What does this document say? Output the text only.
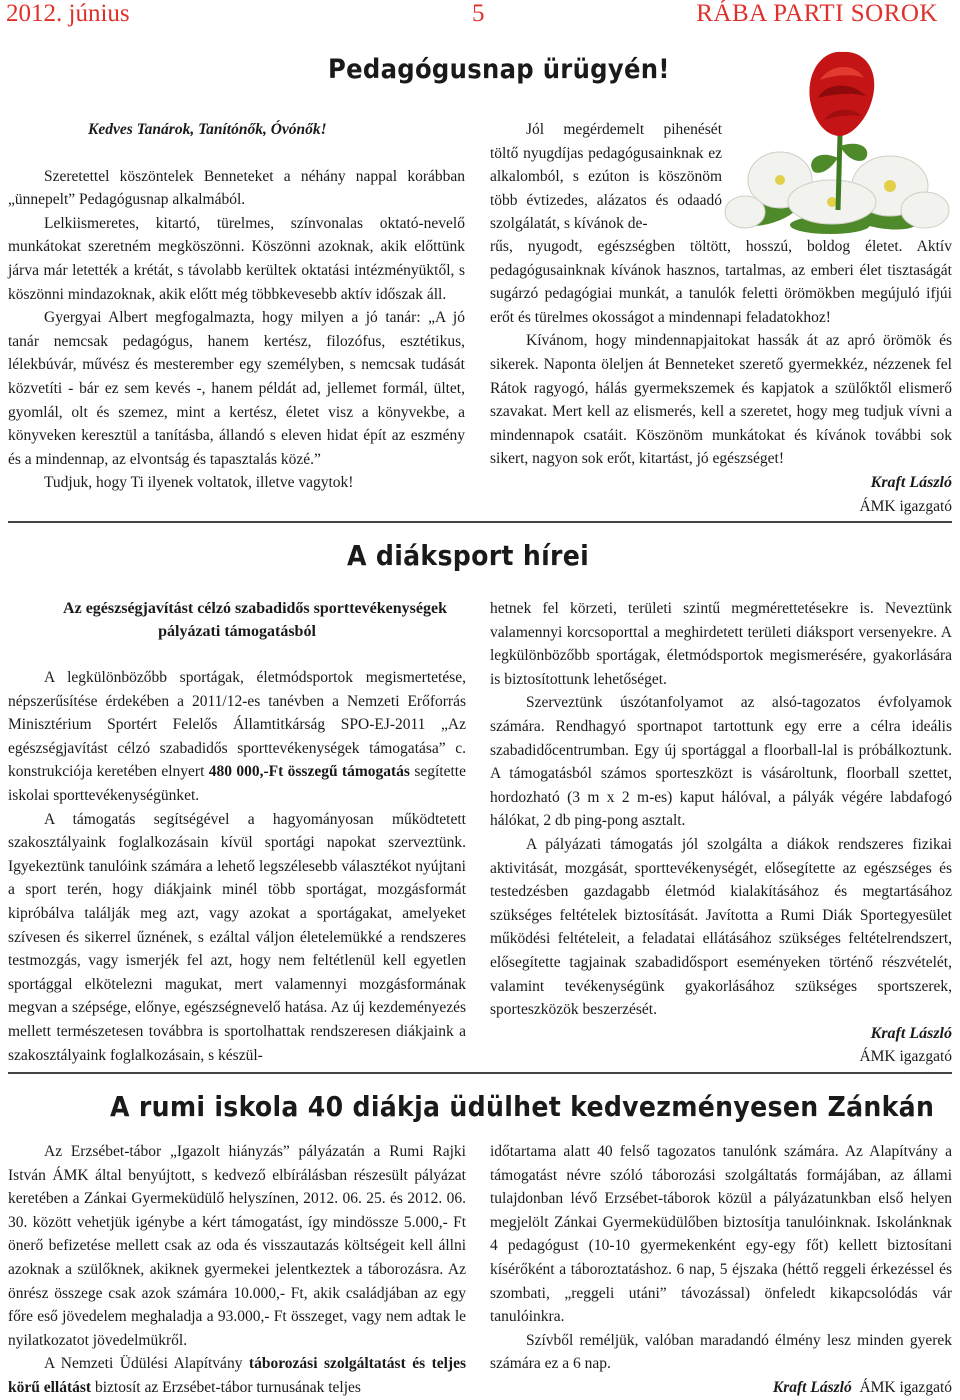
2012. június	5	RÁBA PARTI SOROK
Pedagógusnap ürügyén!

Kedves Tanárok, Tanítónők, Óvónők!

Szeretettel köszöntelek Benneteket a néhány nappal korábban „ünnepelt” Pedagógusnap alkalmából.

Lelkiismeretes, kitartó, türelmes, színvonalas oktató-nevelő munkátokat szeretném megköszönni. Köszönni azoknak, akik előttünk járva már letették a krétát, s távolabb kerültek oktatási intézményüktől, s köszönni mindazoknak, akik előtt még többkevesebb aktív időszak áll.

Gyergyai Albert megfogalmazta, hogy milyen a jó tanár: „A jó tanár nemcsak pedagógus, hanem kertész, filozófus, esztétikus, lélekbúvár, művész és mesterember egy személyben, s nemcsak tudását közvetíti - bár ez sem kevés -, hanem példát ad, jellemet formál, ültet, gyomlál, olt és szemez, mint a kertész, életet visz a könyvekbe, a könyveken keresztül a tanításba, állandó s eleven hidat épít az eszmény és a mindennap, az elvontság és tapasztalás közé.”

Tudjuk, hogy Ti ilyenek voltatok, illetve vagytok!

Jól megérdemelt pihenését töltő nyugdíjas pedagógusainknak ez alkalomból, s ezúton is köszönöm több évtizedes, alázatos és odaadó szolgálatát, s kívánok de-

rűs, nyugodt, egészségben töltött, hosszú, boldog életet. Aktív pedagógusainknak kívánok hasznos, tartalmas, az emberi élet tisztaságát sugárzó pedagógiai munkát, a tanulók feletti örömökben megújuló ifjúi erőt és türelmes okosságot a mindennapi feladatokhoz!

Kívánom, hogy mindennapjaitokat hassák át az apró örömök és sikerek. Naponta öleljen át Benneteket szerető gyermekkéz, nézzenek fel Rátok ragyogó, hálás gyermekszemek és kapjatok a szülőktől elismerő szavakat. Mert kell az elismerés, kell a szeretet, hogy meg tudjuk vívni a mindennapok csatáit. Köszönöm munkátokat és kívánok további sok sikert, nagyon sok erőt, kitartást, jó egészséget!

Kraft László

ÁMK igazgató

A diáksport hírei

Az egészségjavítást célzó szabadidős sporttevékenységek pályázati támogatásból

A legkülönbözőbb sportágak, életmódsportok megismertetése, népszerűsítése érdekében a 2011/12-es tanévben a Nemzeti Erőforrás Minisztérium Sportért Felelős Államtitkárság SPO-EJ-2011 „Az egészségjavítást célzó szabadidős sporttevékenységek támogatása” c. konstrukciója keretében elnyert 480 000,-Ft összegű támogatás segítette iskolai sporttevékenységünket.

A támogatás segítségével a hagyományosan működtetett szakosztályaink foglalkozásain kívül sportági napokat szerveztünk. Igyekeztünk tanulóink számára a lehető legszélesebb választékot nyújtani a sport terén, hogy diákjaink minél több sportágat, mozgásformát kipróbálva találják meg azt, vagy azokat a sportágakat, amelyeket szívesen és sikerrel űznének, s ezáltal váljon életelemükké a rendszeres testmozgás, vagy ismerjék fel azt, hogy nem feltétlenül kell egyetlen sportággal elkötelezni magukat, mert valamennyi mozgásformának megvan a szépsége, előnye, egészségnevelő hatása. Az új kezdeményezés mellett természetesen továbbra is sportolhattak rendszeresen diákjaink a szakosztályaink foglalkozásain, s készül-

hetnek fel körzeti, területi szintű megmérettetésekre is. Neveztünk valamennyi korcsoporttal a meghirdetett területi diáksport versenyekre. A legkülönbözőbb sportágak, életmódsportok megismerésére, gyakorlására is biztosítottunk lehetőséget.

Szerveztünk úszótanfolyamot az alsó-tagozatos évfolyamok számára. Rendhagyó sportnapot tartottunk egy erre a célra ideális szabadidőcentrumban. Egy új sportággal a floorball-lal is próbálkoztunk. A támogatásból számos sporteszközt is vásároltunk, floorball szettet, hordozható (3 m x 2 m-es) kaput hálóval, a pályák végére labdafogó hálókat, 2 db ping-pong asztalt.

A pályázati támogatás jól szolgálta a diákok rendszeres fizikai aktivitását, mozgását, sporttevékenységét, elősegítette az egészséges és testedzésben gazdagabb életmód kialakításához és megtartásához szükséges feltételek biztosítását. Javította a Rumi Diák Sportegyesület működési feltételeit, a feladatai ellátásához szükséges feltételrendszert, elősegítette tagjainak szabadidősport eseményeken történő részvételét, valamint tevékenységünk gyakorlásához szükséges sportszerek, sporteszközök beszerzését.

Kraft László

ÁMK igazgató

A rumi iskola 40 diákja üdülhet kedvezményesen Zánkán

Az Erzsébet-tábor „Igazolt hiányzás” pályázatán a Rumi Rajki István ÁMK által benyújtott, s kedvező elbírálásban részesült pályázat keretében a Zánkai Gyermeküdülő helyszínen, 2012. 06. 25. és 2012. 06. 30. között vehetjük igénybe a kért támogatást, így mindössze 5.000,- Ft önerő befizetése mellett csak az oda és visszautazás költségeit kell állni azoknak a szülőknek, akiknek gyermekei jelentkeztek a táborozásra. Az önrész összege csak azok számára 10.000,- Ft, akik családjában az egy főre eső jövedelem meghaladja a 93.000,- Ft összeget, vagy nem adtak le nyilatkozatot jövedelmükről.

A Nemzeti Üdülési Alapítvány táborozási szolgáltatást és teljes körű ellátást biztosít az Erzsébet-tábor turnusának teljes

időtartama alatt 40 felső tagozatos tanulónk számára. Az Alapítvány a támogatást névre szóló táborozási szolgáltatás formájában, az állami tulajdonban lévő Erzsébet-táborok közül a pályázatunkban első helyen megjelölt Zánkai Gyermeküdülőben biztosítja tanulóinknak. Iskolánknak 4 pedagógust (10-10 gyermekenként egy-egy főt) kellett biztosítani kísérőként a táboroztatáshoz. 6 nap, 5 éjszaka (héttő reggeli érkezéssel és szombati, „reggeli utáni” távozással) önfeledt kikapcsolódás vár tanulóinkra.

Szívből reméljük, valóban maradandó élmény lesz minden gyerek számára ez a 6 nap.

Kraft László ÁMK igazgató
